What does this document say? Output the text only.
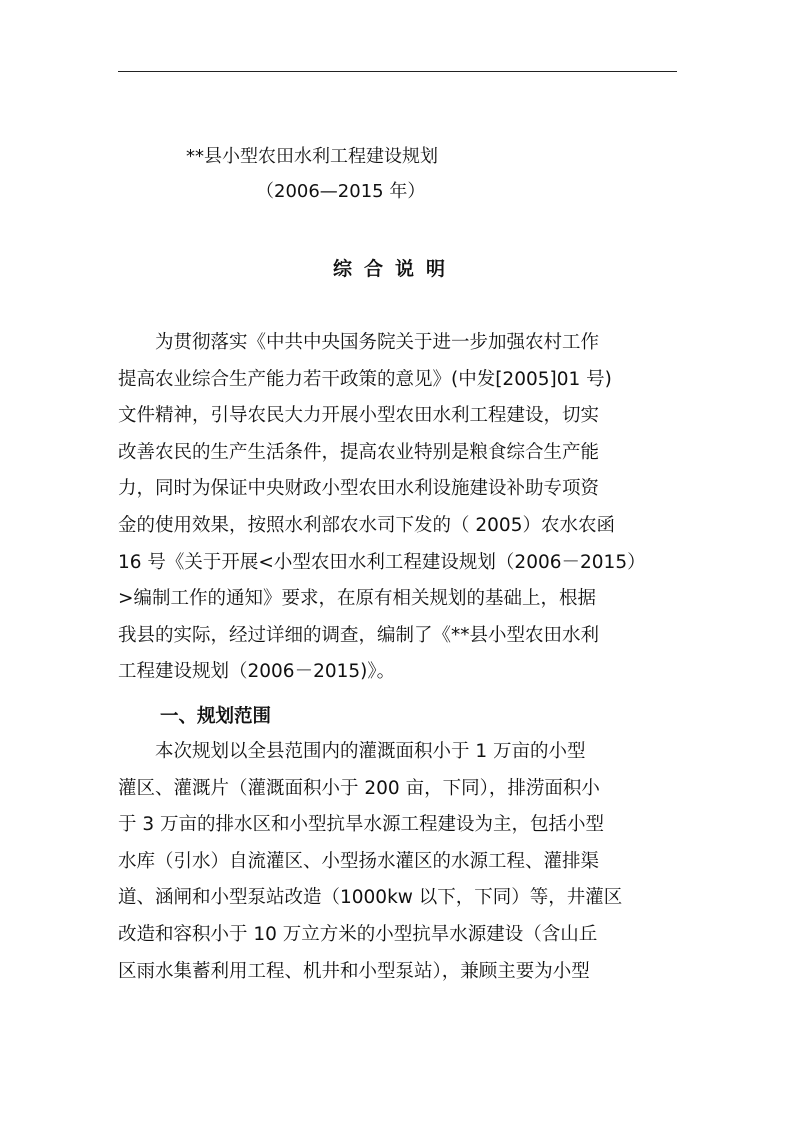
**县小型农田水利工程建设规划
（2006—2015 年）
综合说明
　　为贯彻落实《中共中央国务院关于进一步加强农村工作
提高农业综合生产能力若干政策的意见》(中发[2005]01 号)
文件精神，引导农民大力开展小型农田水利工程建设，切实
改善农民的生产生活条件，提高农业特别是粮食综合生产能
力，同时为保证中央财政小型农田水利设施建设补助专项资
金的使用效果，按照水利部农水司下发的（ 2005）农水农函
16 号《关于开展<小型农田水利工程建设规划（2006－2015）
>编制工作的通知》要求，在原有相关规划的基础上，根据
我县的实际，经过详细的调查，编制了《**县小型农田水利
工程建设规划（2006－2015)》。
一、规划范围
　　本次规划以全县范围内的灌溉面积小于 1 万亩的小型
灌区、灌溉片（灌溉面积小于 200 亩，下同），排涝面积小
于 3 万亩的排水区和小型抗旱水源工程建设为主，包括小型
水库（引水）自流灌区、小型扬水灌区的水源工程、灌排渠
道、涵闸和小型泵站改造（1000kw 以下，下同）等，井灌区
改造和容积小于 10 万立方米的小型抗旱水源建设（含山丘
区雨水集蓄利用工程、机井和小型泵站），兼顾主要为小型
